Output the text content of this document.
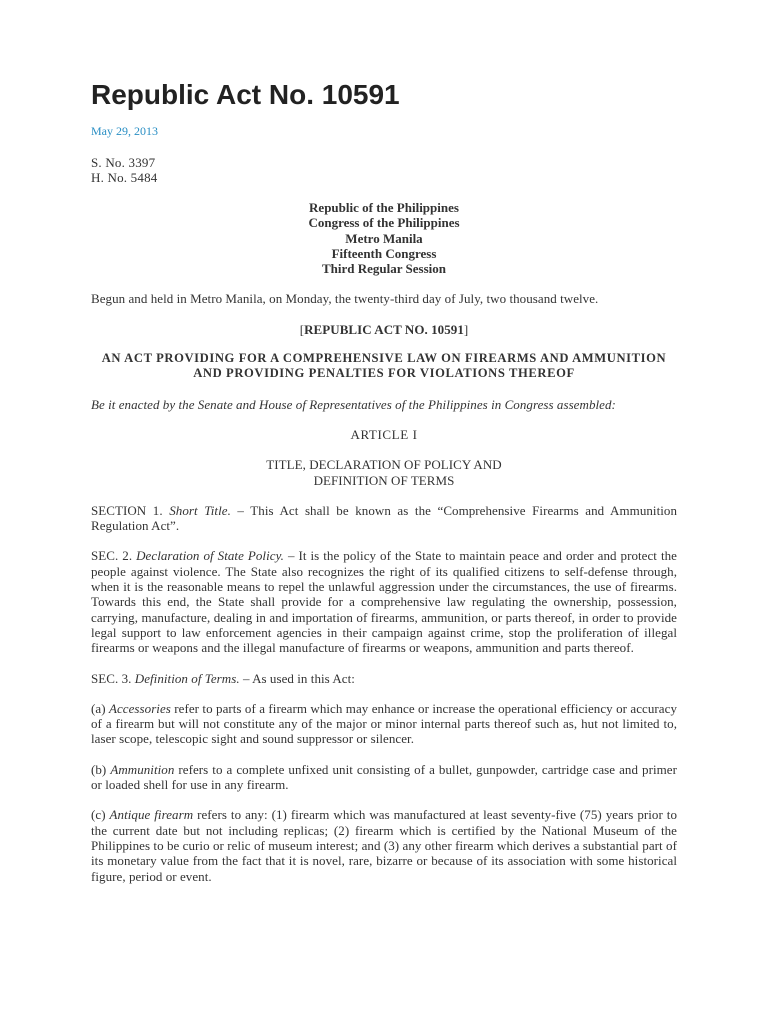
Republic Act No. 10591
May 29, 2013
S. No. 3397
H. No. 5484
Republic of the Philippines
Congress of the Philippines
Metro Manila
Fifteenth Congress
Third Regular Session

Begun and held in Metro Manila, on Monday, the twenty-third day of July, two thousand twelve.

[REPUBLIC ACT NO. 10591]

AN ACT PROVIDING FOR A COMPREHENSIVE LAW ON FIREARMS AND AMMUNITION AND PROVIDING PENALTIES FOR VIOLATIONS THEREOF

Be it enacted by the Senate and House of Representatives of the Philippines in Congress assembled:

ARTICLE I

TITLE, DECLARATION OF POLICY AND

DEFINITION OF TERMS

SECTION 1. Short Title. – This Act shall be known as the “Comprehensive Firearms and Ammunition Regulation Act”.

SEC. 2. Declaration of State Policy. – It is the policy of the State to maintain peace and order and protect the people against violence. The State also recognizes the right of its qualified citizens to self-defense through, when it is the reasonable means to repel the unlawful aggression under the circumstances, the use of firearms. Towards this end, the State shall provide for a comprehensive law regulating the ownership, possession, carrying, manufacture, dealing in and importation of firearms, ammunition, or parts thereof, in order to provide legal support to law enforcement agencies in their campaign against crime, stop the proliferation of illegal firearms or weapons and the illegal manufacture of firearms or weapons, ammunition and parts thereof.

SEC. 3. Definition of Terms. – As used in this Act:

(a) Accessories refer to parts of a firearm which may enhance or increase the operational efficiency or accuracy of a firearm but will not constitute any of the major or minor internal parts thereof such as, hut not limited to, laser scope, telescopic sight and sound suppressor or silencer.

(b) Ammunition refers to a complete unfixed unit consisting of a bullet, gunpowder, cartridge case and primer or loaded shell for use in any firearm.

(c) Antique firearm refers to any: (1) firearm which was manufactured at least seventy-five (75) years prior to the current date but not including replicas; (2) firearm which is certified by the National Museum of the Philippines to be curio or relic of museum interest; and (3) any other firearm which derives a substantial part of its monetary value from the fact that it is novel, rare, bizarre or because of its association with some historical figure, period or event.
